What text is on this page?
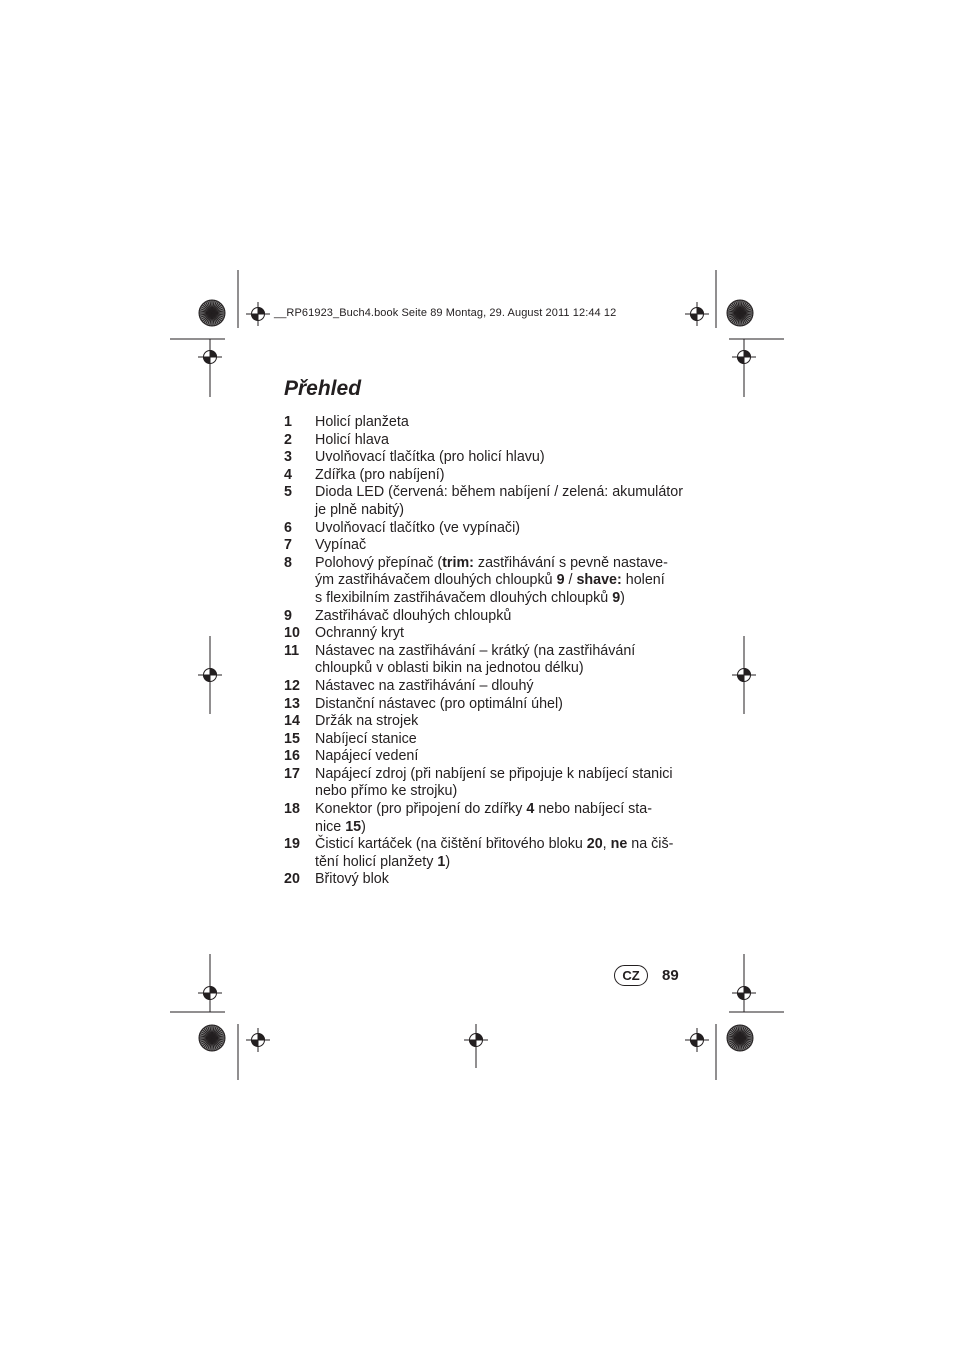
__RP61923_Buch4.book Seite 89 Montag, 29. August 2011 12:44 12
Přehled
1	Holicí planžeta
2	Holicí hlava
3	Uvolňovací tlačítka (pro holicí hlavu)
4	Zdířka (pro nabíjení)
5	Dioda LED (červená: během nabíjení / zelená: akumulátor
je plně nabitý)
6	Uvolňovací tlačítko (ve vypínači)
7	Vypínač
8	Polohový přepínač (trim: zastřihávání s pevně nastave-
ým zastřihávačem dlouhých chloupků 9 / shave: holení
s flexibilním zastřihávačem dlouhých chloupků 9)
9	Zastřihávač dlouhých chloupků
10	Ochranný kryt
11	Nástavec na zastřihávání – krátký (na zastřihávání
chloupků v oblasti bikin na jednotou délku)
12	Nástavec na zastřihávání – dlouhý
13	Distanční nástavec (pro optimální úhel)
14	Držák na strojek
15	Nabíjecí stanice
16	Napájecí vedení
17	Napájecí zdroj (při nabíjení se připojuje k nabíjecí stanici
nebo přímo ke strojku)
18	Konektor (pro připojení do zdířky 4 nebo nabíjecí sta-
nice 15)
19	Čisticí kartáček (na čištění břitového bloku 20, ne na čiš-
tění holicí planžety 1)
20	Břitový blok
CZ	89
